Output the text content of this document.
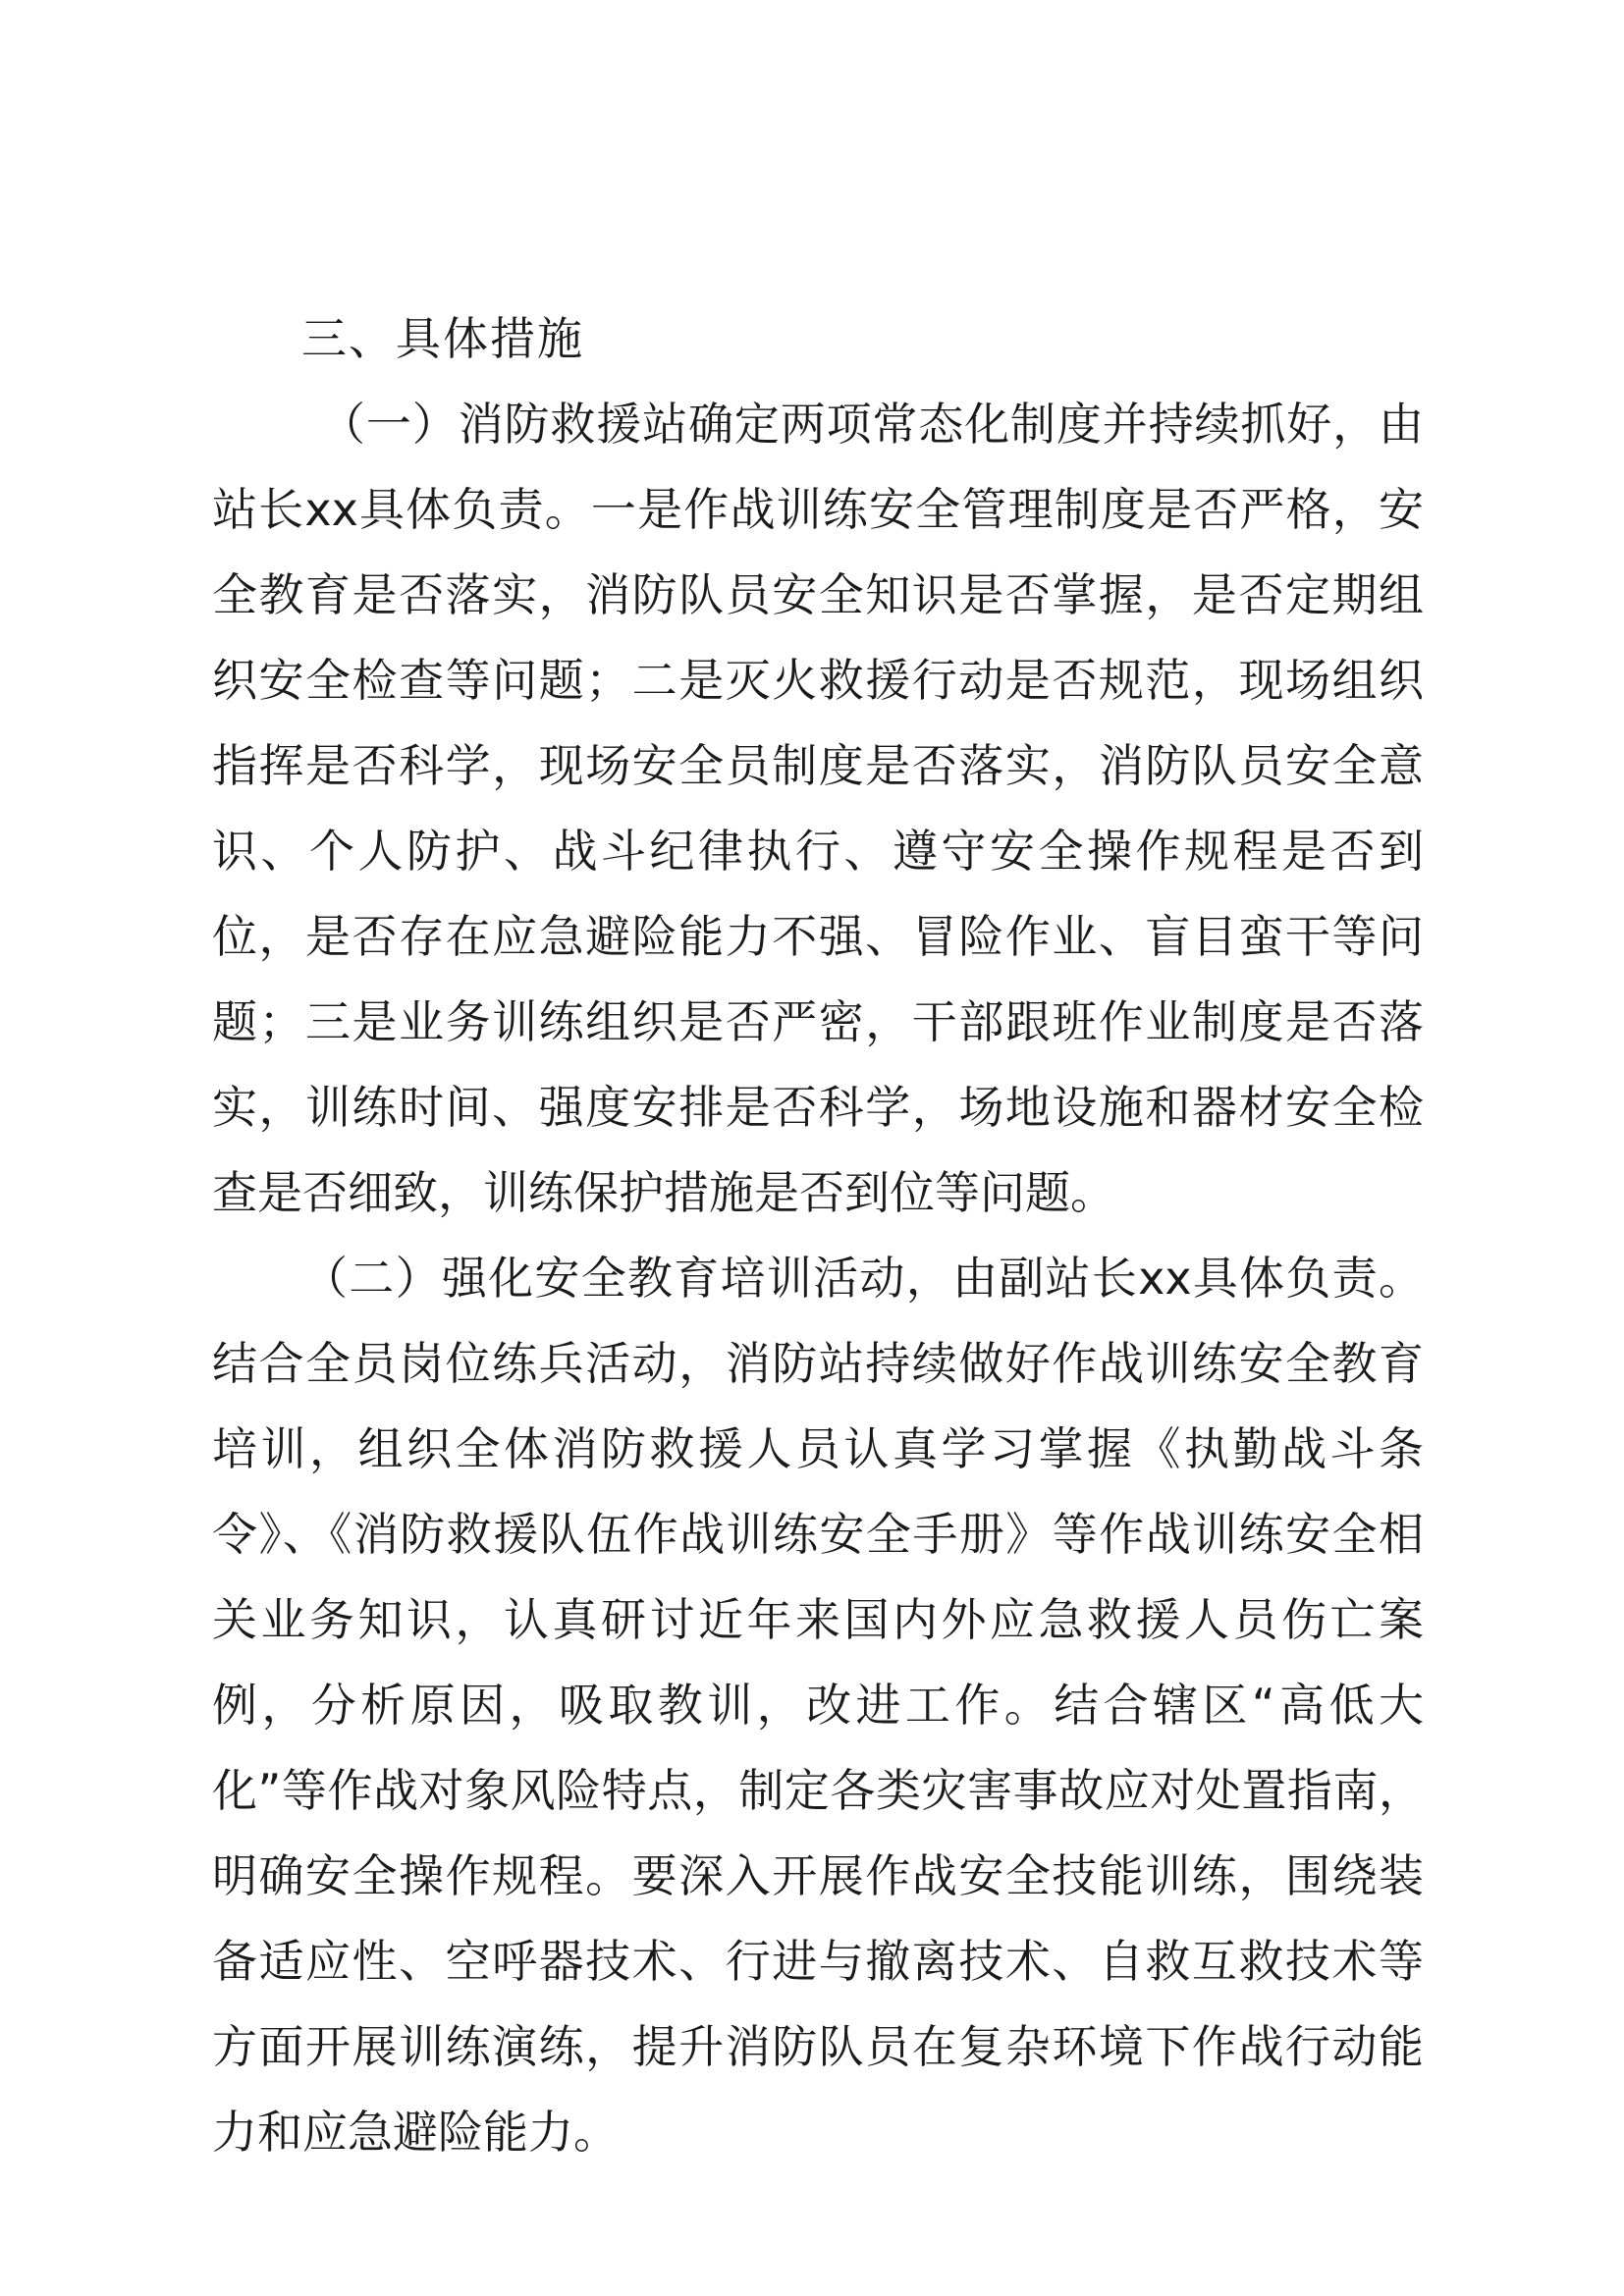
三、具体措施

（一）消防救援站确定两项常态化制度并持续抓好，由站长xx具体负责。一是作战训练安全管理制度是否严格，安全教育是否落实，消防队员安全知识是否掌握，是否定期组织安全检查等问题；二是灭火救援行动是否规范，现场组织指挥是否科学，现场安全员制度是否落实，消防队员安全意识、个人防护、战斗纪律执行、遵守安全操作规程是否到位，是否存在应急避险能力不强、冒险作业、盲目蛮干等问题；三是业务训练组织是否严密，干部跟班作业制度是否落实，训练时间、强度安排是否科学，场地设施和器材安全检查是否细致，训练保护措施是否到位等问题。

（二）强化安全教育培训活动，由副站长xx具体负责。结合全员岗位练兵活动，消防站持续做好作战训练安全教育培训，组织全体消防救援人员认真学习掌握《执勤战斗条令》、《消防救援队伍作战训练安全手册》等作战训练安全相关业务知识，认真研讨近年来国内外应急救援人员伤亡案例，分析原因，吸取教训，改进工作。结合辖区“高低大化”等作战对象风险特点，制定各类灾害事故应对处置指南，明确安全操作规程。要深入开展作战安全技能训练，围绕装备适应性、空呼器技术、行进与撤离技术、自救互救技术等方面开展训练演练，提升消防队员在复杂环境下作战行动能力和应急避险能力。
